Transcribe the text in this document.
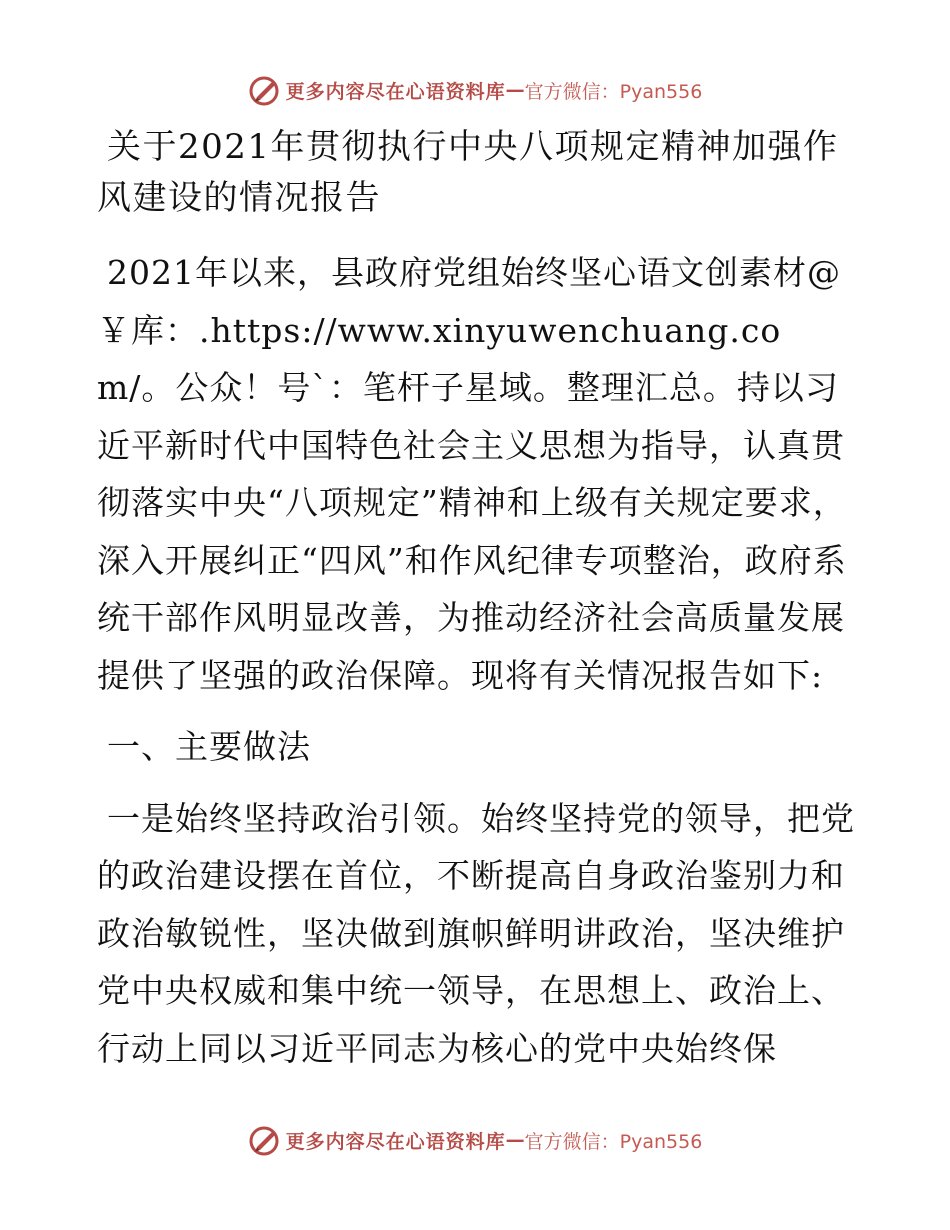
更多内容尽在心语资料库 — 官方微信：Pyan556
关于2021年贯彻执行中央八项规定精神加强作风建设的情况报告

2021年以来，县政府党组始终坚心语文创素材@￥库：.https://www.xinyuwenchuang.com/。公众！号`：笔杆子星域。整理汇总。持以习近平新时代中国特色社会主义思想为指导，认真贯彻落实中央“八项规定”精神和上级有关规定要求，深入开展纠正“四风”和作风纪律专项整治，政府系统干部作风明显改善，为推动经济社会高质量发展提供了坚强的政治保障。现将有关情况报告如下:

一、主要做法

一是始终坚持政治引领。始终坚持党的领导，把党的政治建设摆在首位，不断提高自身政治鉴别力和政治敏锐性，坚决做到旗帜鲜明讲政治，坚决维护党中央权威和集中统一领导，在思想上、政治上、行动上同以习近平同志为核心的党中央始终保

更多内容尽在心语资料库 — 官方微信：Pyan556
